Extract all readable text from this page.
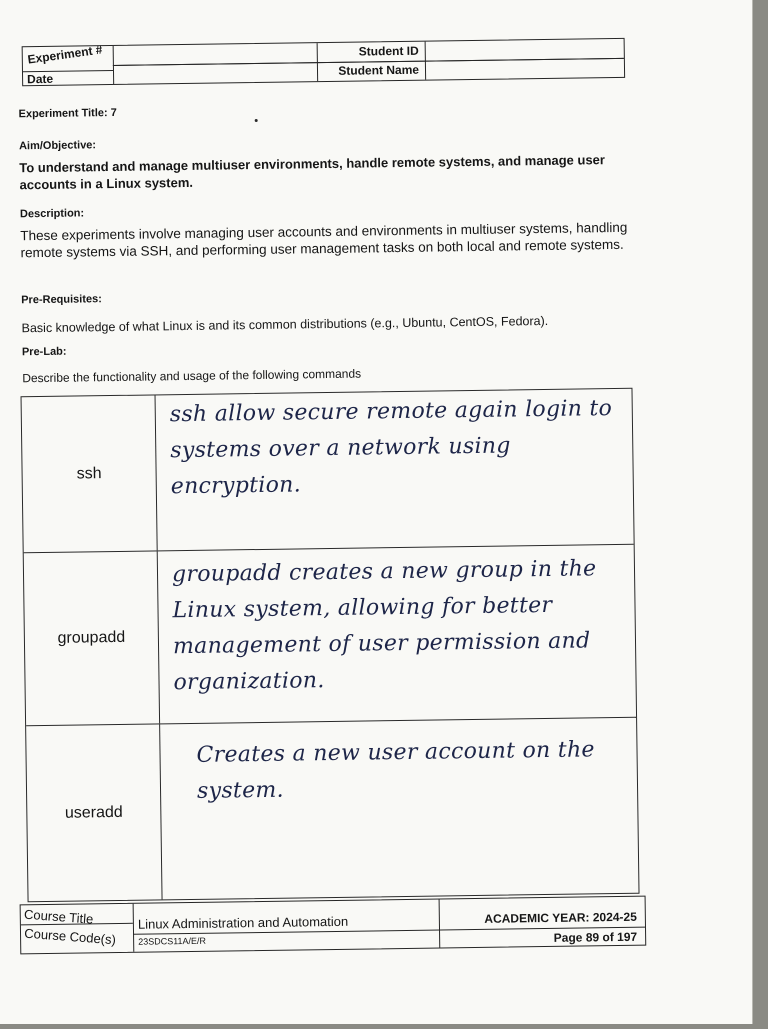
Experiment #
Date
Student ID
Student Name
Experiment Title: 7
Aim/Objective:
To understand and manage multiuser environments, handle remote systems, and manage user accounts in a Linux system.
Description:
These experiments involve managing user accounts and environments in multiuser systems, handling remote systems via SSH, and performing user management tasks on both local and remote systems.
Pre-Requisites:
Basic knowledge of what Linux is and its common distributions (e.g., Ubuntu, CentOS, Fedora).
Pre-Lab:
Describe the functionality and usage of the following commands
ssh
ssh allow secure remote again login to systems over a network using encryption.
groupadd
groupadd creates a new group in the Linux system, allowing for better management of user permission and organization.
useradd
Creates a new user account on the system.
Course Title
Course Code(s)
Linux Administration and Automation
23SDCS11A/E/R
ACADEMIC YEAR: 2024-25
Page 89 of 197
